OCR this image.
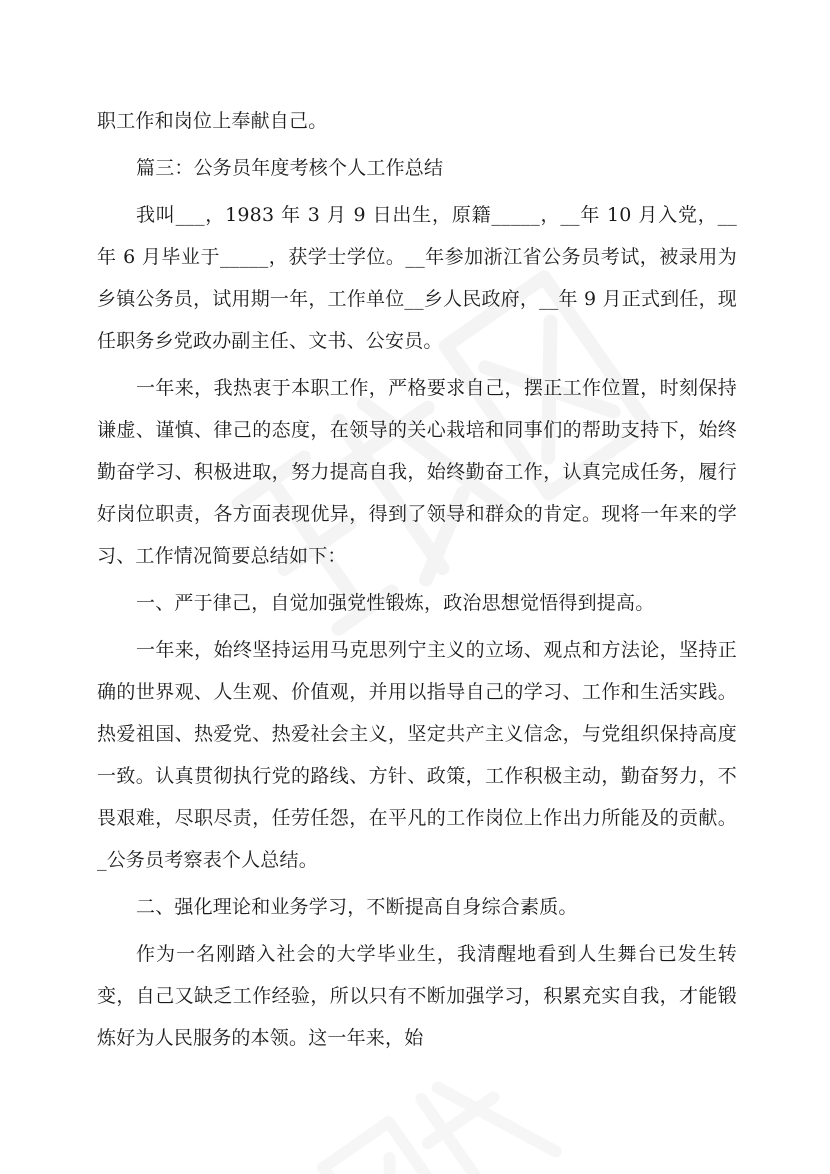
职工作和岗位上奉献自己。

篇三：公务员年度考核个人工作总结

我叫___，1983 年 3 月 9 日出生，原籍_____，__年 10 月入党，__年 6 月毕业于_____，获学士学位。__年参加浙江省公务员考试，被录用为乡镇公务员，试用期一年，工作单位__乡人民政府，__年 9 月正式到任，现任职务乡党政办副主任、文书、公安员。

一年来，我热衷于本职工作，严格要求自己，摆正工作位置，时刻保持谦虚、谨慎、律己的态度，在领导的关心栽培和同事们的帮助支持下，始终勤奋学习、积极进取，努力提高自我，始终勤奋工作，认真完成任务，履行好岗位职责，各方面表现优异，得到了领导和群众的肯定。现将一年来的学习、工作情况简要总结如下：

一、严于律己，自觉加强党性锻炼，政治思想觉悟得到提高。

一年来，始终坚持运用马克思列宁主义的立场、观点和方法论，坚持正确的世界观、人生观、价值观，并用以指导自己的学习、工作和生活实践。热爱祖国、热爱党、热爱社会主义，坚定共产主义信念，与党组织保持高度一致。认真贯彻执行党的路线、方针、政策，工作积极主动，勤奋努力，不畏艰难，尽职尽责，任劳任怨，在平凡的工作岗位上作出力所能及的贡献。_公务员考察表个人总结。

二、强化理论和业务学习，不断提高自身综合素质。

作为一名刚踏入社会的大学毕业生，我清醒地看到人生舞台已发生转变，自己又缺乏工作经验，所以只有不断加强学习，积累充实自我，才能锻炼好为人民服务的本领。这一年来，始
